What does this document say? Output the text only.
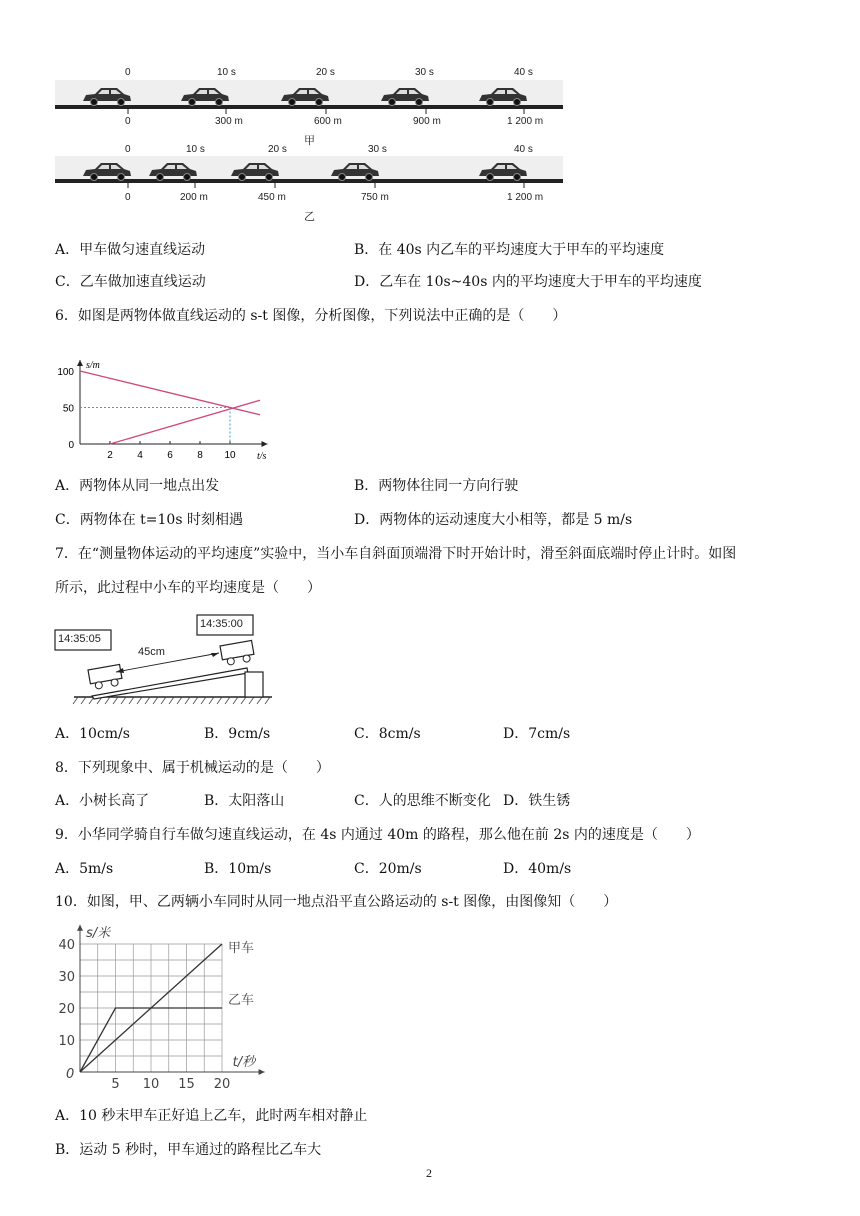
0	10 s	20 s	30 s	40 s
0	300 m	600 m	900 m	1 200 m
甲
0	10 s	20 s	30 s	40 s
0	200 m	450 m	750 m	1 200 m
乙
A．甲车做匀速直线运动	B．在 40s 内乙车的平均速度大于甲车的平均速度
C．乙车做加速直线运动	D．乙车在 10s~40s 内的平均速度大于甲车的平均速度
6．如图是两物体做直线运动的 s-t 图像，分析图像，下列说法中正确的是（　　）
s/m
t/s
2 4 6 8 10
0
50
100
A．两物体从同一地点出发	B．两物体往同一方向行驶
C．两物体在 t=10s 时刻相遇	D．两物体的运动速度大小相等，都是 5 m/s
7．在“测量物体运动的平均速度”实验中，当小车自斜面顶端滑下时开始计时，滑至斜面底端时停止计时。如图
所示，此过程中小车的平均速度是（　　）
14:35:05
14:35:00
45cm
A．10cm/s	B．9cm/s	C．8cm/s	D．7cm/s
8．下列现象中、属于机械运动的是（　　）
A．小树长高了	B．太阳落山	C．人的思维不断变化 D．铁生锈
9．小华同学骑自行车做匀速直线运动，在 4s 内通过 40m 的路程，那么他在前 2s 内的速度是（　　）
A．5m/s	B．10m/s	C．20m/s	D．40m/s
10．如图，甲、乙两辆小车同时从同一地点沿平直公路运动的 s-t 图像，由图像知（　　）
s/米
t/秒
0
5 10 15 20
10
20
30
40	甲车
乙车
A．10 秒末甲车正好追上乙车，此时两车相对静止
B．运动 5 秒时，甲车通过的路程比乙车大
2
